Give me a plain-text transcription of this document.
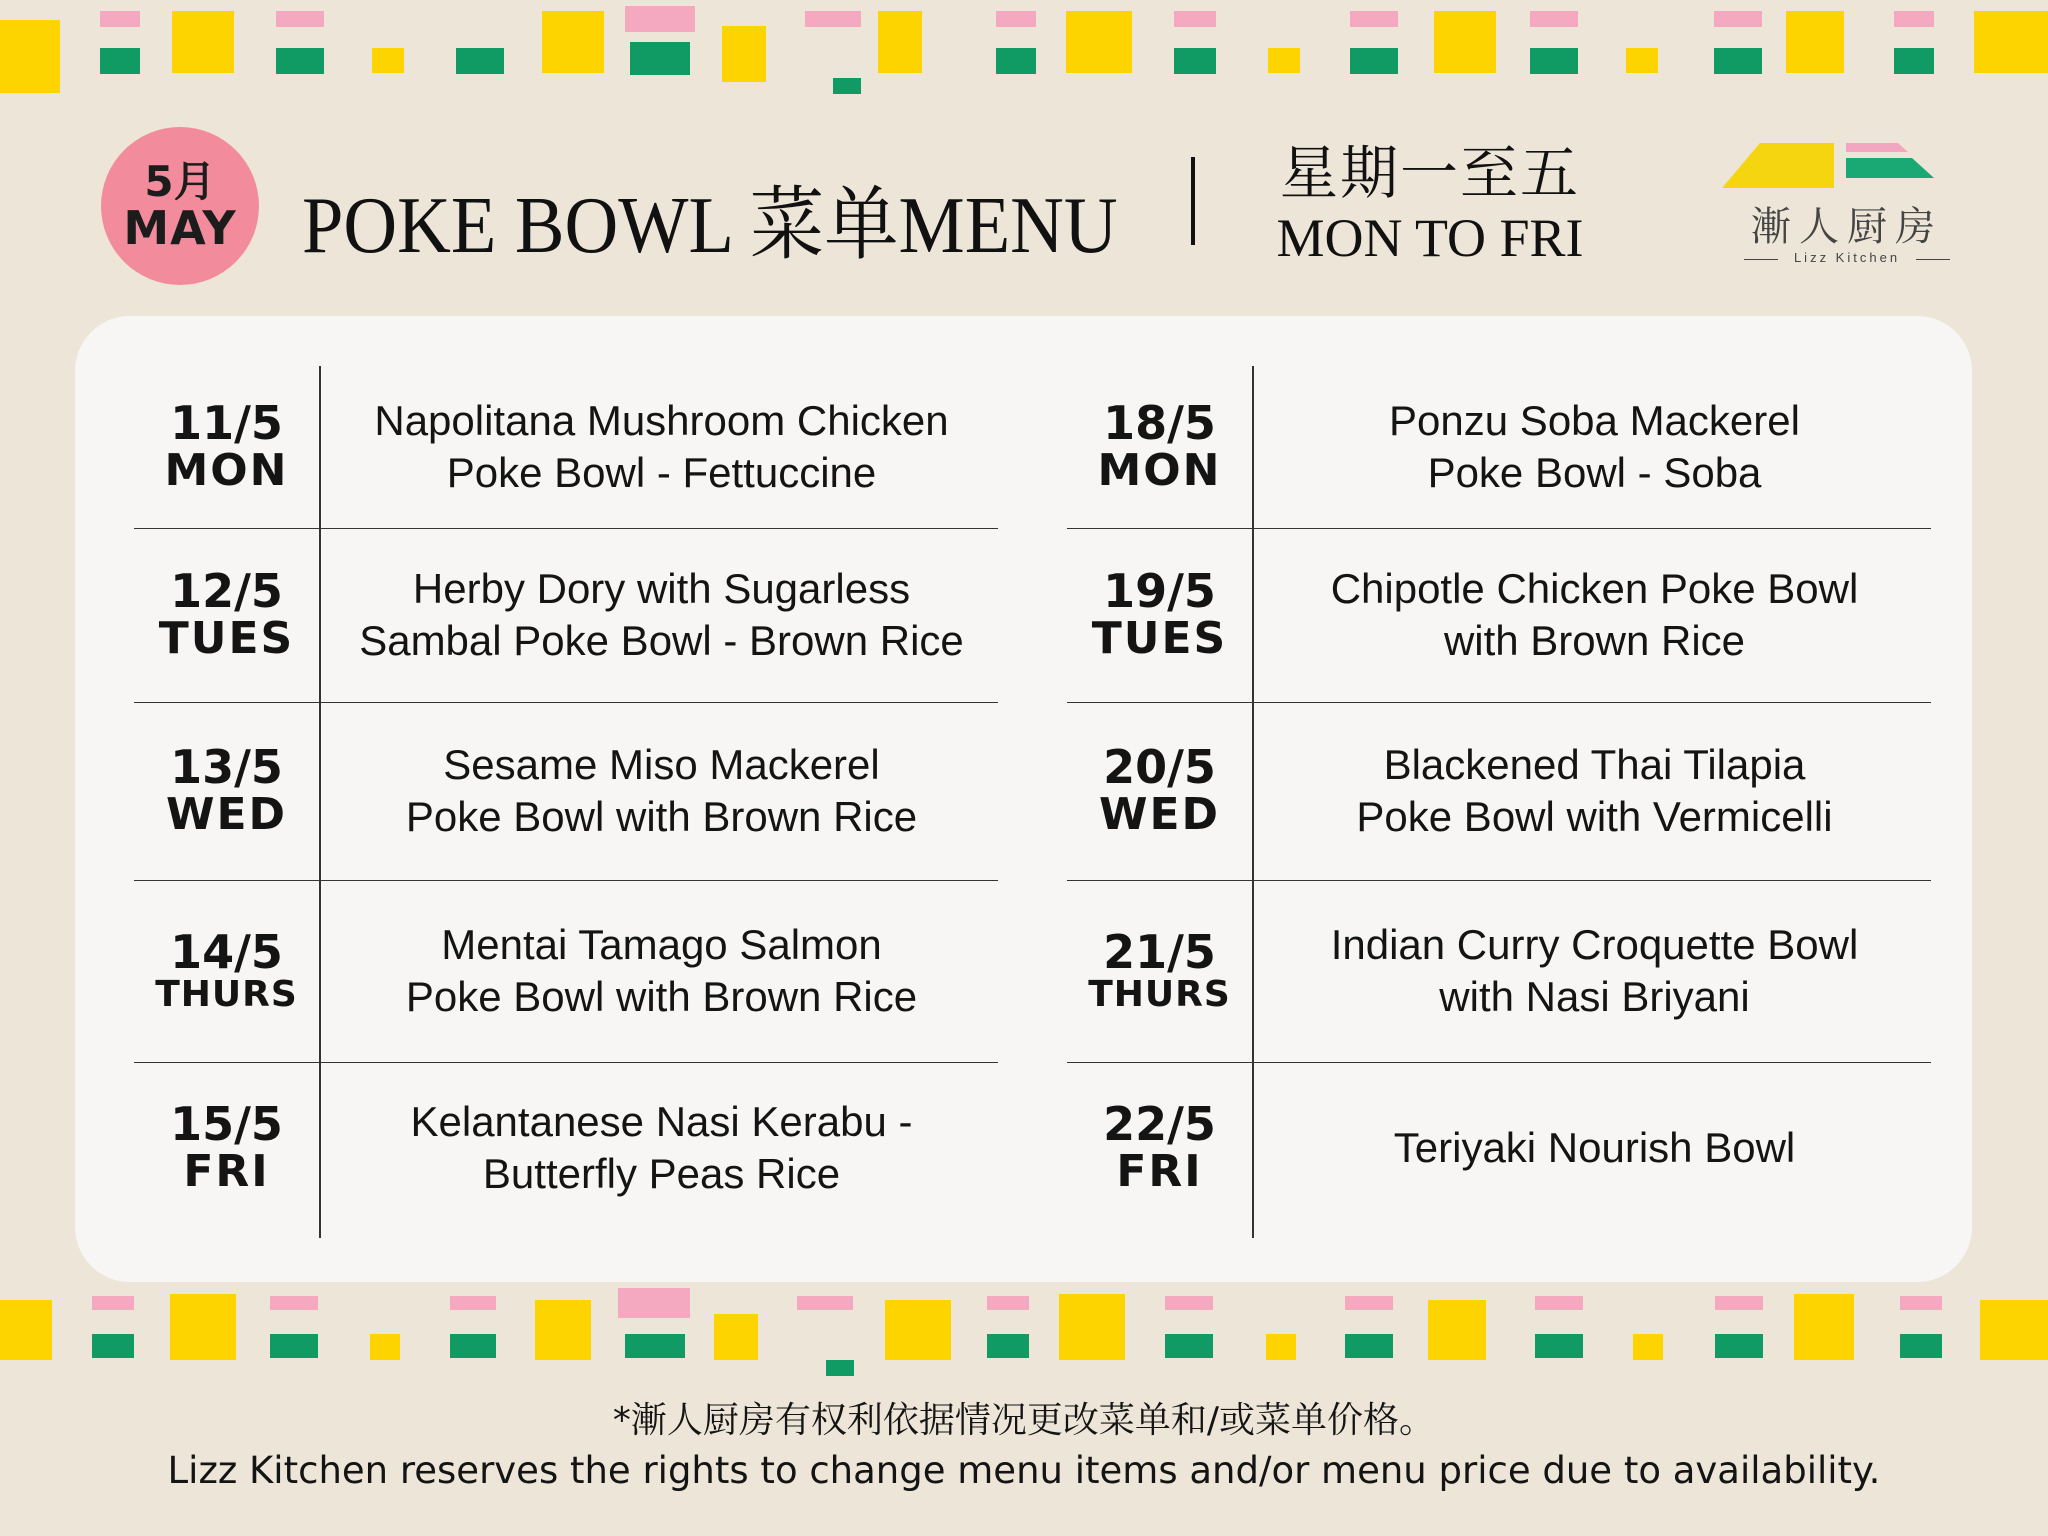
5月
MAY POKE BOWL 菜单MENU
星期一至五
MON TO FRI	漸人厨房
Lizz Kitchen
11/5
MON
Napolitana Mushroom Chicken
Poke Bowl - Fettuccine
12/5
TUES
Herby Dory with Sugarless
Sambal Poke Bowl - Brown Rice
13/5
WED
Sesame Miso Mackerel
Poke Bowl with Brown Rice
14/5
THURS
Mentai Tamago Salmon
Poke Bowl with Brown Rice
15/5
FRI
Kelantanese Nasi Kerabu -
Butterfly Peas Rice
18/5
MON
Ponzu Soba Mackerel
Poke Bowl - Soba
19/5
TUES
Chipotle Chicken Poke Bowl
with Brown Rice
20/5
WED
Blackened Thai Tilapia
Poke Bowl with Vermicelli
21/5
THURS
Indian Curry Croquette Bowl
with Nasi Briyani
22/5
FRI	Teriyaki Nourish Bowl
*漸人厨房有权利依据情况更改菜单和/或菜单价格。
Lizz Kitchen reserves the rights to change menu items and/or menu price due to availability.
